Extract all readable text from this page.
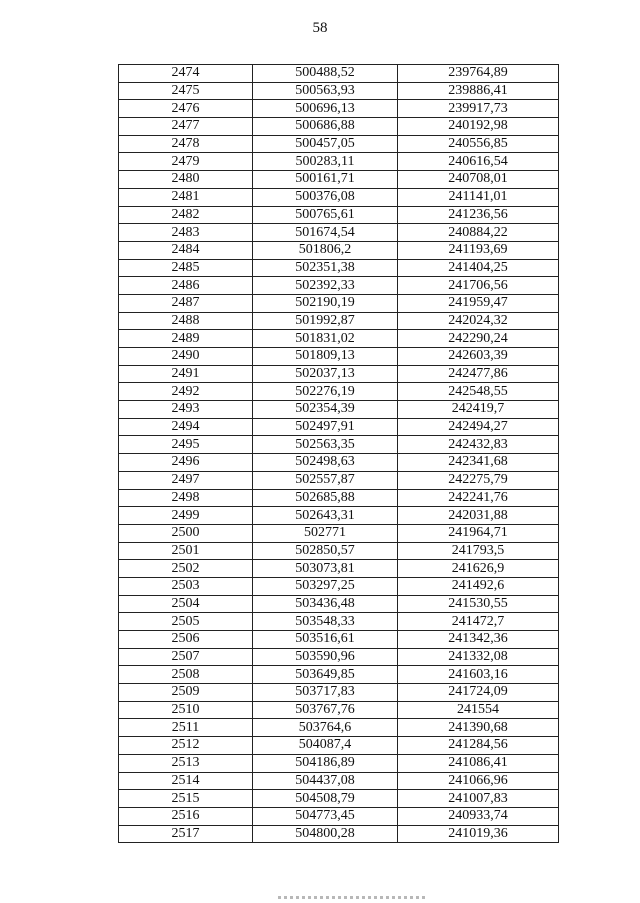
58
2474	500488,52	239764,89
2475	500563,93	239886,41
2476	500696,13	239917,73
2477	500686,88	240192,98
2478	500457,05	240556,85
2479	500283,11	240616,54
2480	500161,71	240708,01
2481	500376,08	241141,01
2482	500765,61	241236,56
2483	501674,54	240884,22
2484	501806,2	241193,69
2485	502351,38	241404,25
2486	502392,33	241706,56
2487	502190,19	241959,47
2488	501992,87	242024,32
2489	501831,02	242290,24
2490	501809,13	242603,39
2491	502037,13	242477,86
2492	502276,19	242548,55
2493	502354,39	242419,7
2494	502497,91	242494,27
2495	502563,35	242432,83
2496	502498,63	242341,68
2497	502557,87	242275,79
2498	502685,88	242241,76
2499	502643,31	242031,88
2500	502771	241964,71
2501	502850,57	241793,5
2502	503073,81	241626,9
2503	503297,25	241492,6
2504	503436,48	241530,55
2505	503548,33	241472,7
2506	503516,61	241342,36
2507	503590,96	241332,08
2508	503649,85	241603,16
2509	503717,83	241724,09
2510	503767,76	241554
2511	503764,6	241390,68
2512	504087,4	241284,56
2513	504186,89	241086,41
2514	504437,08	241066,96
2515	504508,79	241007,83
2516	504773,45	240933,74
2517	504800,28	241019,36
